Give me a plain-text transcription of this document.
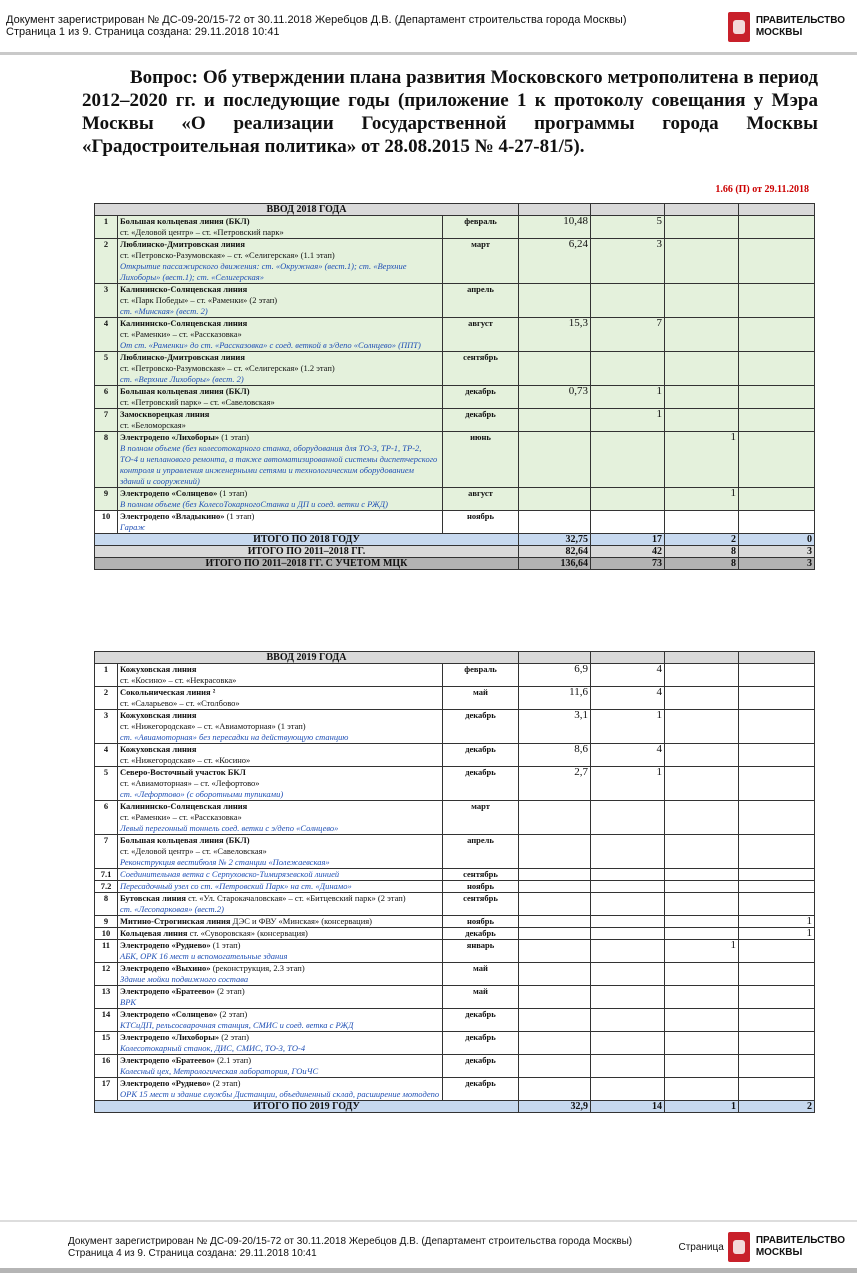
Документ зарегистрирован № ДС-09-20/15-72 от 30.11.2018 Жеребцов Д.В. (Департамент строительства города Москвы)
Страница 1 из 9. Страница создана: 29.11.2018 10:41
ПРАВИТЕЛЬСТВО
МОСКВЫ
Вопрос: Об утверждении плана развития Московского метрополитена в период 2012–2020 гг. и последующие годы (приложение 1 к протоколу совещания у Мэра Москвы «О реализации Государственной программы города Москвы «Градостроительная политика» от 28.08.2015 № 4-27-81/5).
1.66 (П) от 29.11.2018
ВВОД 2018 ГОДА						
1	Большая кольцевая линия (БКЛ)
ст. «Деловой центр» – ст. «Петровский парк»	февраль	10,48	5		
2	Люблинско-Дмитровская линия
ст. «Петровско-Разумовская» – ст. «Селигерская» (1.1 этап)
Открытие пассажирского движения: ст. «Окружная» (вест.1); ст. «Верхние Лихоборы» (вест.1); ст. «Селигерская»	март	6,24	3		
3	Калининско-Солнцевская линия
ст. «Парк Победы» – ст. «Раменки» (2 этап)
ст. «Минская» (вест. 2)	апрель				
4	Калининско-Солнцевская линия
ст. «Раменки» – ст. «Рассказовка»
От ст. «Раменки» до ст. «Рассказовка» с соед. веткой в э/депо «Солнцево» (ППТ)	август	15,3	7		
5	Люблинско-Дмитровская линия
ст. «Петровско-Разумовская» – ст. «Селигерская» (1.2 этап)
ст. «Верхние Лихоборы» (вест. 2)	сентябрь				
6	Большая кольцевая линия (БКЛ)
ст. «Петровский парк» – ст. «Савеловская»	декабрь	0,73	1		
7	Замоскворецкая линия
ст. «Беломорская»	декабрь		1		
8	Электродепо «Лихоборы» (1 этап)
В полном объеме (без колесотокарного станка, оборудования для ТО-3, ТР-1, ТР-2, ТО-4 и непланового ремонта, а также автоматизированной системы диспетчерского контроля и управления инженерными сетями и технологическим оборудованием зданий и сооружений)	июнь			1	
9	Электродепо «Солнцево» (1 этап)
В полном объеме (без КолесоТокарногоСтанка и ДП и соед. ветки с РЖД)	август			1	
10	Электродепо «Владыкино» (1 этап)
Гараж	ноябрь				
ИТОГО ПО 2018 ГОДУ			32,75	17	2	0
ИТОГО ПО 2011–2018 ГГ.			82,64	42	8	3
ИТОГО ПО 2011–2018 ГГ. С УЧЕТОМ МЦК			136,64	73	8	3
ВВОД 2019 ГОДА						
1	Кожуховская линия
ст. «Косино» – ст. «Некрасовка»	февраль	6,9	4		
2	Сокольническая линия ²
ст. «Саларьево» – ст. «Столбово»	май	11,6	4		
3	Кожуховская линия
ст. «Нижегородская» – ст. «Авиамоторная» (1 этап)
ст. «Авиамоторная» без пересадки на действующую станцию	декабрь	3,1	1		
4	Кожуховская линия
ст. «Нижегородская» – ст. «Косино»	декабрь	8,6	4		
5	Северо-Восточный участок БКЛ
ст. «Авиамоторная» – ст. «Лефортово»
ст. «Лефортово» (с оборотными тупиками)	декабрь	2,7	1		
6	Калининско-Солнцевская линия
ст. «Раменки» – ст. «Рассказовка»
Левый перегонный тоннель соед. ветки с э/депо «Солнцево»	март				
7	Большая кольцевая линия (БКЛ)
ст. «Деловой центр» – ст. «Савеловская»
Реконструкция вестибюля № 2 станции «Полежаевская»	апрель				
7.1	Соединительная ветка с Серпуховско-Тимирязевской линией	сентябрь				
7.2	Пересадочный узел со ст. «Петровский Парк» на ст. «Динамо»	ноябрь				
8	Бутовская линия ст. «Ул. Старокачаловская» – ст. «Битцевский парк» (2 этап)
ст. «Лесопарковая» (вест.2)	сентябрь				
9	Митино-Строгинская линия ДЭС и ФВУ «Минская» (консервация)	ноябрь				1
10	Кольцевая линия ст. «Суворовская» (консервация)	декабрь				1
11	Электродепо «Руднево» (1 этап)
АБК, ОРК 16 мест и вспомогательные здания	январь			1	
12	Электродепо «Выхино» (реконструкция, 2.3 этап)
Здание мойки подвижного состава	май				
13	Электродепо «Братеево» (2 этап)
ВРК	май				
14	Электродепо «Солнцево» (2 этап)
КТСиДП, рельсосварочная станция, СМИС и соед. ветка с РЖД	декабрь				
15	Электродепо «Лихоборы» (2 этап)
Колесотокарный станок, ДИС, СМИС, ТО-3, ТО-4	декабрь				
16	Электродепо «Братеево» (2.1 этап)
Колесный цех, Метрологическая лаборатория, ГОиЧС	декабрь				
17	Электродепо «Руднево» (2 этап)
ОРК 15 мест и здание службы Дистанции, объединенный склад, расширение мотодепо	декабрь				
ИТОГО ПО 2019 ГОДУ			32,9	14	1	2
Документ зарегистрирован № ДС-09-20/15-72 от 30.11.2018 Жеребцов Д.В. (Департамент строительства города Москвы)
Страница 4 из 9. Страница создана: 29.11.2018 10:41
Страница
ПРАВИТЕЛЬСТВО
МОСКВЫ
